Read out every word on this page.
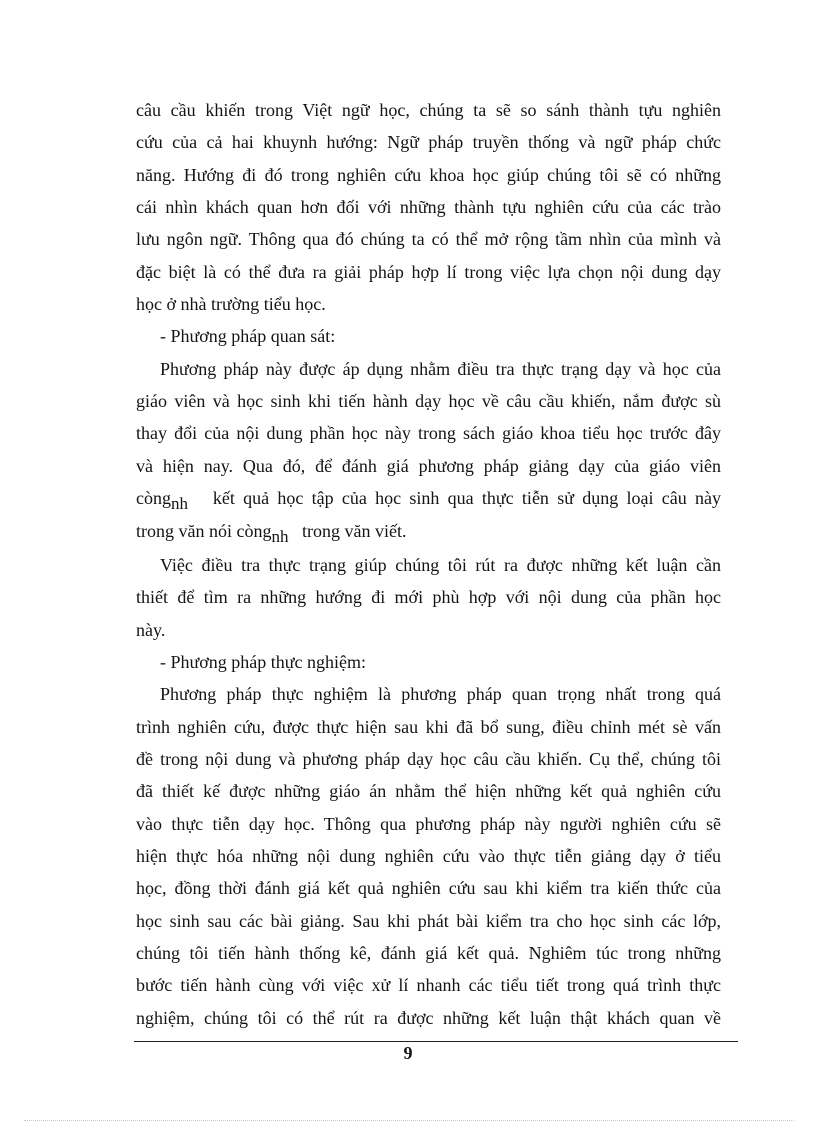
câu cầu khiến trong Việt ngữ học, chúng ta sẽ so sánh thành tựu nghiên
cứu của cả hai khuynh hướng: Ngữ pháp truyền thống và ngữ pháp chức
năng. Hướng đi đó trong nghiên cứu khoa học giúp chúng tôi sẽ có những
cái nhìn khách quan hơn đối với những thành tựu nghiên cứu của các trào
lưu ngôn ngữ. Thông qua đó chúng ta có thể mở rộng tầm nhìn của mình và
đặc biệt là có thể đưa ra giải pháp hợp lí trong việc lựa chọn nội dung dạy
học ở nhà trường tiểu học.

- Phương pháp quan sát:

Phương pháp này được áp dụng nhằm điều tra thực trạng dạy và học của
giáo viên và học sinh khi tiến hành dạy học về câu cầu khiến, nắm được sù
thay đổi của nội dung phần học này trong sách giáo khoa tiểu học trước đây
và hiện nay. Qua đó, để đánh giá phương pháp giảng dạy của giáo viên
còngnh kết quả học tập của học sinh qua thực tiễn sử dụng loại câu này
trong văn nói còngnh trong văn viết.

Việc điều tra thực trạng giúp chúng tôi rút ra được những kết luận cần
thiết để tìm ra những hướng đi mới phù hợp với nội dung của phần học
này.

- Phương pháp thực nghiệm:

Phương pháp thực nghiệm là phương pháp quan trọng nhất trong quá
trình nghiên cứu, được thực hiện sau khi đã bổ sung, điều chỉnh mét sè vấn
đề trong nội dung và phương pháp dạy học câu cầu khiến. Cụ thể, chúng tôi
đã thiết kế được những giáo án nhằm thể hiện những kết quả nghiên cứu
vào thực tiễn dạy học. Thông qua phương pháp này người nghiên cứu sẽ
hiện thực hóa những nội dung nghiên cứu vào thực tiễn giảng dạy ở tiểu
học, đồng thời đánh giá kết quả nghiên cứu sau khi kiểm tra kiến thức của
học sinh sau các bài giảng. Sau khi phát bài kiểm tra cho học sinh các lớp,
chúng tôi tiến hành thống kê, đánh giá kết quả. Nghiêm túc trong những
bước tiến hành cùng với việc xử lí nhanh các tiểu tiết trong quá trình thực
nghiệm, chúng tôi có thể rút ra được những kết luận thật khách quan về

9
